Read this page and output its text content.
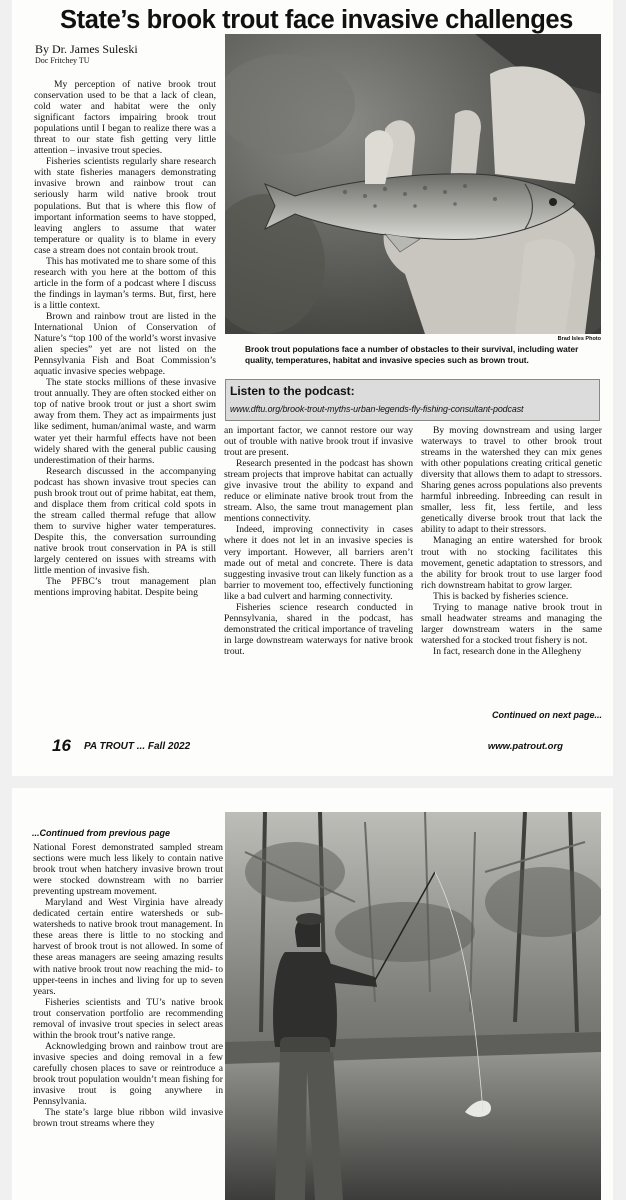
State’s brook trout face invasive challenges
By Dr. James Suleski
Doc Fritchey TU

My perception of native brook trout conservation used to be that a lack of clean, cold water and habitat were the only significant factors impairing brook trout populations until I began to realize there was a threat to our state fish getting very little attention – invasive trout species.

Fisheries scientists regularly share research with state fisheries managers demonstrating invasive brown and rainbow trout can seriously harm wild native brook trout populations. But that is where this flow of important information seems to have stopped, leaving anglers to assume that water temperature or quality is to blame in every case a stream does not contain brook trout.

This has motivated me to share some of this research with you here at the bottom of this article in the form of a podcast where I discuss the findings in layman’s terms. But, first, here is a little context.

Brown and rainbow trout are listed in the International Union of Conservation of Nature’s “top 100 of the world’s worst invasive alien species” yet are not listed on the Pennsylvania Fish and Boat Commission’s aquatic invasive species webpage.

The state stocks millions of these invasive trout annually. They are often stocked either on top of native brook trout or just a short swim away from them. They act as impairments just like sediment, human/animal waste, and warm water yet their harmful effects have not been widely shared with the general public causing underestimation of their harms.

Research discussed in the accompanying podcast has shown invasive trout species can push brook trout out of prime habitat, eat them, and displace them from critical cold spots in the stream called thermal refuge that allow them to survive higher water temperatures. Despite this, the conversation surrounding native brook trout conservation in PA is still largely centered on issues with streams with little mention of invasive fish.

The PFBC’s trout management plan mentions improving habitat. Despite being

Brad Isles Photo
Brook trout populations face a number of obstacles to their survival, including water quality, temperatures, habitat and invasive species such as brown trout.
Listen to the podcast:
www.dftu.org/brook-trout-myths-urban-legends-fly-fishing-consultant-podcast

an important factor, we cannot restore our way out of trouble with native brook trout if invasive trout are present.

Research presented in the podcast has shown stream projects that improve habitat can actually give invasive trout the ability to expand and reduce or eliminate native brook trout from the stream. Also, the same trout management plan mentions connectivity.

Indeed, improving connectivity in cases where it does not let in an invasive species is very important. However, all barriers aren’t made out of metal and concrete. There is data suggesting invasive trout can likely function as a barrier to movement too, effectively functioning like a bad culvert and harming connectivity.

Fisheries science research conducted in Pennsylvania, shared in the podcast, has demonstrated the critical importance of traveling in large downstream waterways for native brook trout.

By moving downstream and using larger waterways to travel to other brook trout streams in the watershed they can mix genes with other populations creating critical genetic diversity that allows them to adapt to stressors. Sharing genes across populations also prevents harmful inbreeding. Inbreeding can result in smaller, less fit, less fertile, and less genetically diverse brook trout that lack the ability to adapt to their stressors.

Managing an entire watershed for brook trout with no stocking facilitates this movement, genetic adaptation to stressors, and the ability for brook trout to use larger food rich downstream habitat to grow larger.

This is backed by fisheries science.

Trying to manage native brook trout in small headwater streams and managing the larger downstream waters in the same watershed for a stocked trout fishery is not.

In fact, research done in the Allegheny

Continued on next page...
16 PA TROUT ... Fall 2022	www.patrout.org
...Continued from previous page

National Forest demonstrated sampled stream sections were much less likely to contain native brook trout when hatchery invasive brown trout were stocked downstream with no barrier preventing upstream movement.

Maryland and West Virginia have already dedicated certain entire watersheds or sub-watersheds to native brook trout management. In these areas there is little to no stocking and harvest of brook trout is not allowed. In some of these areas managers are seeing amazing results with native brook trout now reaching the mid- to upper-teens in inches and living for up to seven years.

Fisheries scientists and TU’s native brook trout conservation portfolio are recommending removal of invasive trout species in select areas within the brook trout’s native range.

Acknowledging brown and rainbow trout are invasive species and doing removal in a few carefully chosen places to save or reintroduce a brook trout population wouldn’t mean fishing for invasive trout is going anywhere in Pennsylvania.

The state’s large blue ribbon wild invasive brown trout streams where they
